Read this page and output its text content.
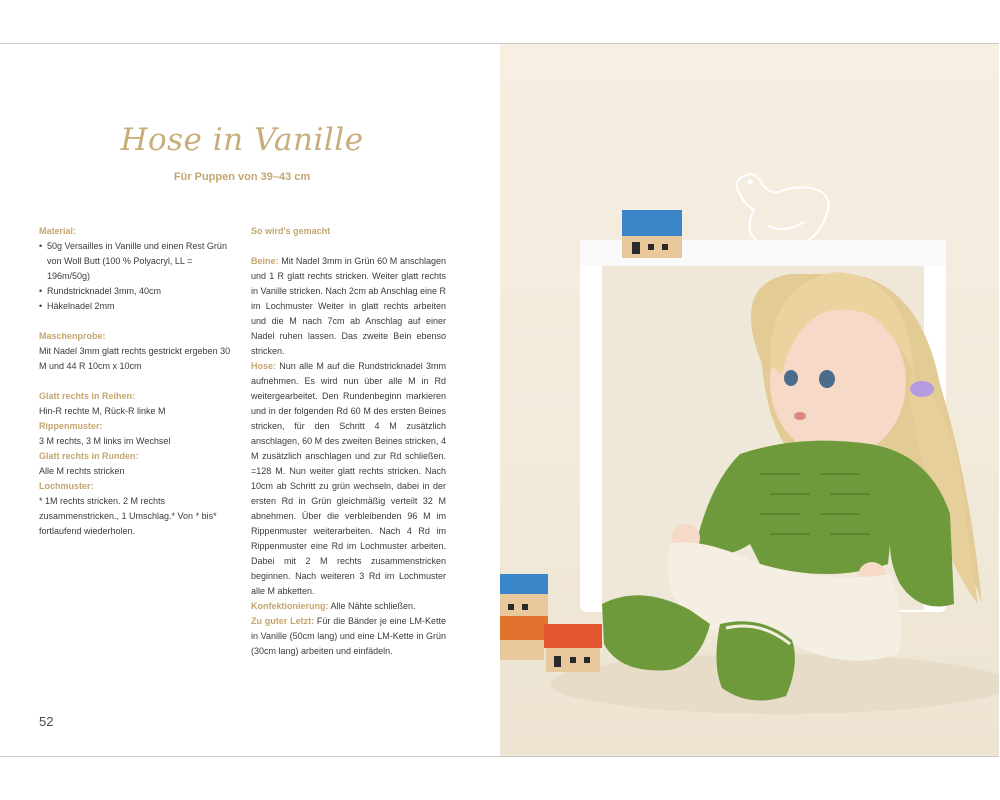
Hose in Vanille
Für Puppen von 39–43 cm
Material:
• 50g Versailles in Vanille und einen Rest Grün von Woll Butt (100 % Polyacryl, LL = 196m/50g)
• Rundstricknadel 3mm, 40cm
• Häkelnadel 2mm
Maschenprobe:

Mit Nadel 3mm glatt rechts gestrickt ergeben 30 M und 44 R 10cm x 10cm

Glatt rechts in Reihen:

Hin-R rechte M, Rück-R linke M

Rippenmuster:

3 M rechts, 3 M links im Wechsel

Glatt rechts in Runden:

Alle M rechts stricken

Lochmuster:

* 1M rechts stricken. 2 M rechts zusammenstricken., 1 Umschlag.* Von * bis* fortlaufend wiederholen.

So wird's gemacht

Beine: Mit Nadel 3mm in Grün 60 M anschlagen und 1 R glatt rechts stricken. Weiter glatt rechts in Vanille stricken. Nach 2cm ab Anschlag eine R im Lochmuster Weiter in glatt rechts arbeiten und die M nach 7cm ab Anschlag auf einer Nadel ruhen lassen. Das zweite Bein ebenso stricken.

Hose: Nun alle M auf die Rundstricknadel 3mm aufnehmen. Es wird nun über alle M in Rd weitergearbeitet. Den Rundenbeginn markieren und in der folgenden Rd 60 M des ersten Beines stricken, für den Schritt 4 M zusätzlich anschlagen, 60 M des zweiten Beines stricken, 4 M zusätzlich anschlagen und zur Rd schließen. =128 M. Nun weiter glatt rechts stricken. Nach 10cm ab Schritt zu grün wechseln, dabei in der ersten Rd in Grün gleichmäßig verteilt 32 M abnehmen. Über die verbleibenden 96 M im Rippenmuster weiterarbeiten. Nach 4 Rd im Rippenmuster eine Rd im Lochmuster arbeiten. Dabei mit 2 M rechts zusammenstricken beginnen. Nach weiteren 3 Rd im Lochmuster alle M abketten.

Konfektionierung: Alle Nähte schließen.

Zu guter Letzt: Für die Bänder je eine LM-Kette in Vanille (50cm lang) und eine LM-Kette in Grün (30cm lang) arbeiten und einfädeln.

52
